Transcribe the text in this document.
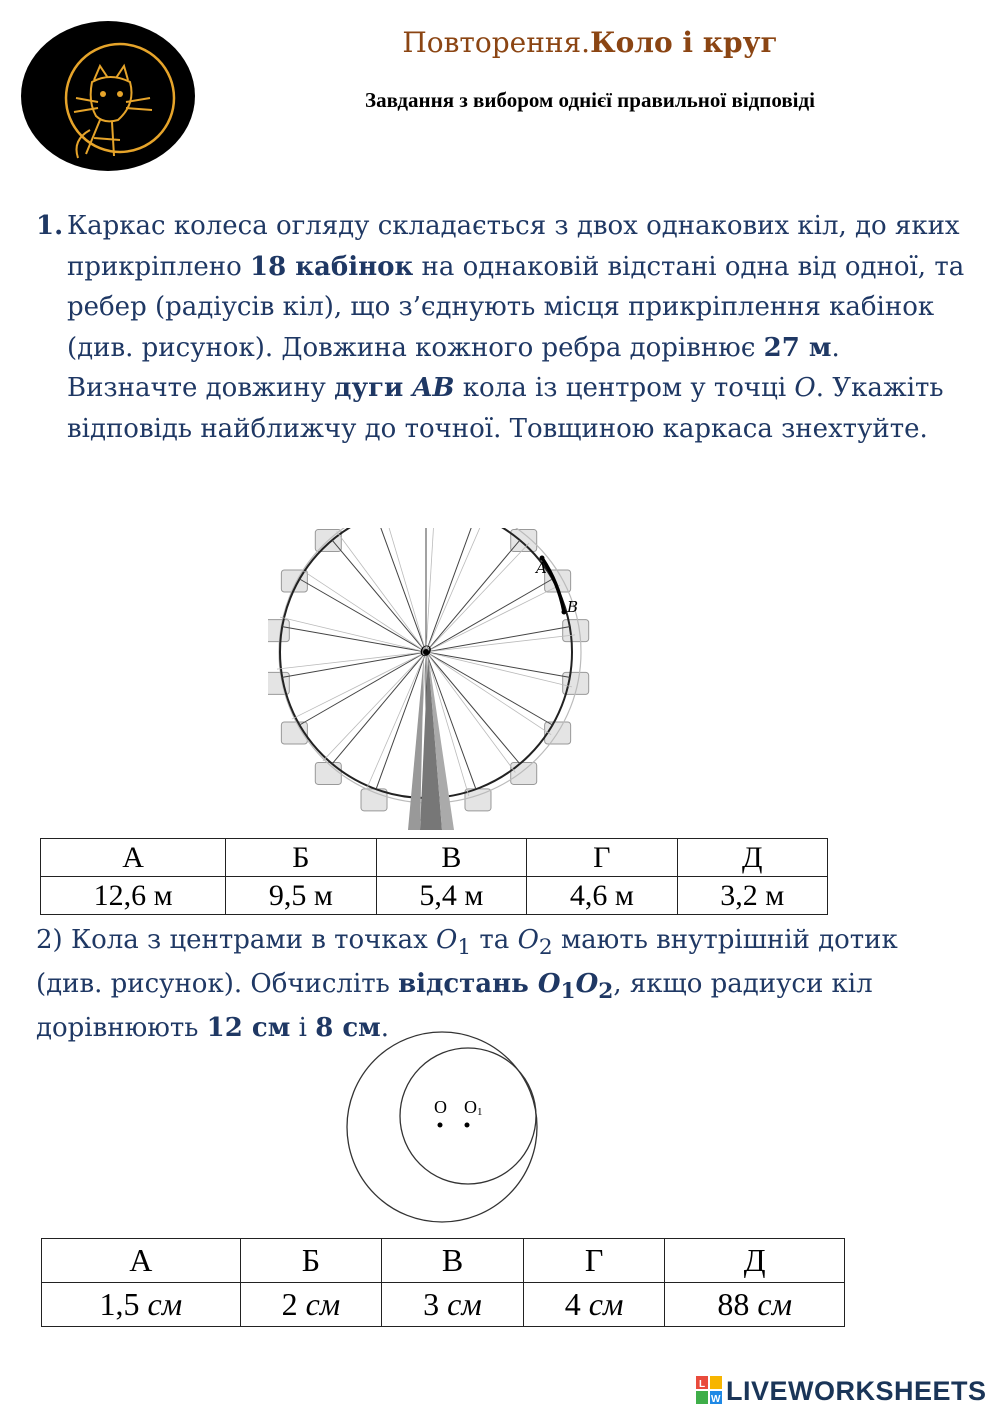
Повторення.Коло і круг
Завдання з вибором однієї правильної відповіді
1. Каркас колеса огляду складається з двох однакових кіл, до яких прикріплено 18 кабінок на однаковій відстані одна від одної, та ребер (радіусів кіл), що з’єднують місця прикріплення кабінок (див. рисунок). Довжина кожного ребра дорівнює 27 м. Визначте довжину дуги AB кола із центром у точці O. Укажіть відповідь найближчу до точної. Товщиною каркаса знехтуйте.
A
B
O
А	Б	В	Г	Д
12,6 м	9,5 м	5,4 м	4,6 м	3,2 м
2) Кола з центрами в точках $O_1$ та $O_2$ мають внутрішній дотик (див. рисунок). Обчисліть відстань $O_1O_2$, якщо радиуси кіл дорівнюють 12 см і 8 см.
O O1
А	Б	В	Г	Д
1,5 см	2 см	3 см	4 см	88 см
L
W LIVEWORKSHEETS
